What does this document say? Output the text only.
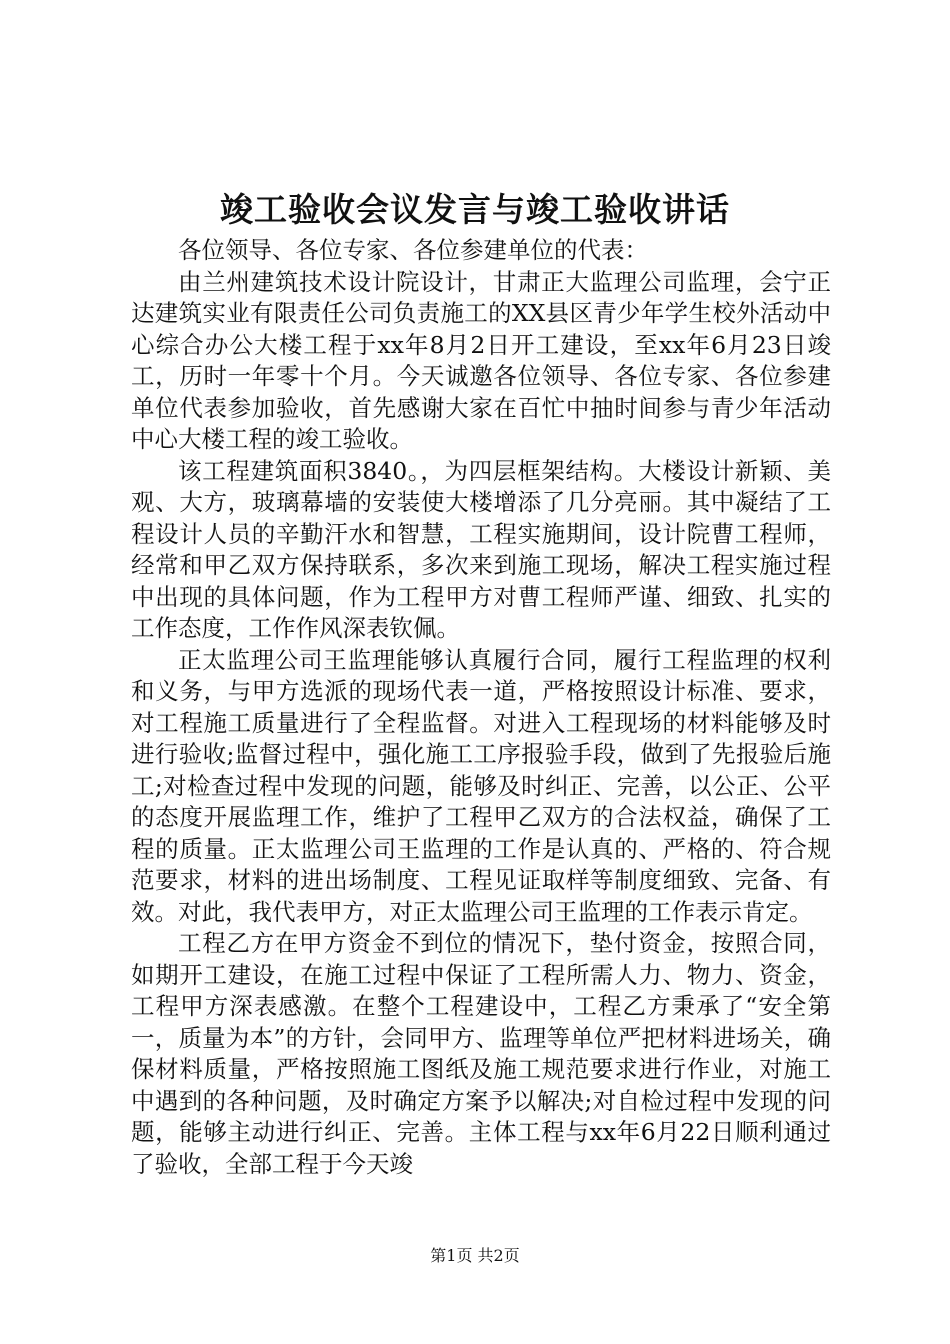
竣工验收会议发言与竣工验收讲话

各位领导、各位专家、各位参建单位的代表：

由兰州建筑技术设计院设计，甘肃正大监理公司监理，会宁正达建筑实业有限责任公司负责施工的XX县区青少年学生校外活动中心综合办公大楼工程于xx年8月2日开工建设，至xx年6月23日竣工，历时一年零十个月。今天诚邀各位领导、各位专家、各位参建单位代表参加验收，首先感谢大家在百忙中抽时间参与青少年活动中心大楼工程的竣工验收。

该工程建筑面积3840。，为四层框架结构。大楼设计新颖、美观、大方，玻璃幕墙的安装使大楼增添了几分亮丽。其中凝结了工程设计人员的辛勤汗水和智慧，工程实施期间，设计院曹工程师，经常和甲乙双方保持联系，多次来到施工现场，解决工程实施过程中出现的具体问题，作为工程甲方对曹工程师严谨、细致、扎实的工作态度，工作作风深表钦佩。

正太监理公司王监理能够认真履行合同，履行工程监理的权利和义务，与甲方选派的现场代表一道，严格按照设计标准、要求，对工程施工质量进行了全程监督。对进入工程现场的材料能够及时进行验收;监督过程中，强化施工工序报验手段，做到了先报验后施工;对检查过程中发现的问题，能够及时纠正、完善，以公正、公平的态度开展监理工作，维护了工程甲乙双方的合法权益，确保了工程的质量。正太监理公司王监理的工作是认真的、严格的、符合规范要求，材料的进出场制度、工程见证取样等制度细致、完备、有效。对此，我代表甲方，对正太监理公司王监理的工作表示肯定。

工程乙方在甲方资金不到位的情况下，垫付资金，按照合同，如期开工建设，在施工过程中保证了工程所需人力、物力、资金，工程甲方深表感激。在整个工程建设中，工程乙方秉承了“安全第一，质量为本”的方针，会同甲方、监理等单位严把材料进场关，确保材料质量，严格按照施工图纸及施工规范要求进行作业，对施工中遇到的各种问题，及时确定方案予以解决;对自检过程中发现的问题，能够主动进行纠正、完善。主体工程与xx年6月22日顺利通过了验收，全部工程于今天竣

第1页 共2页
